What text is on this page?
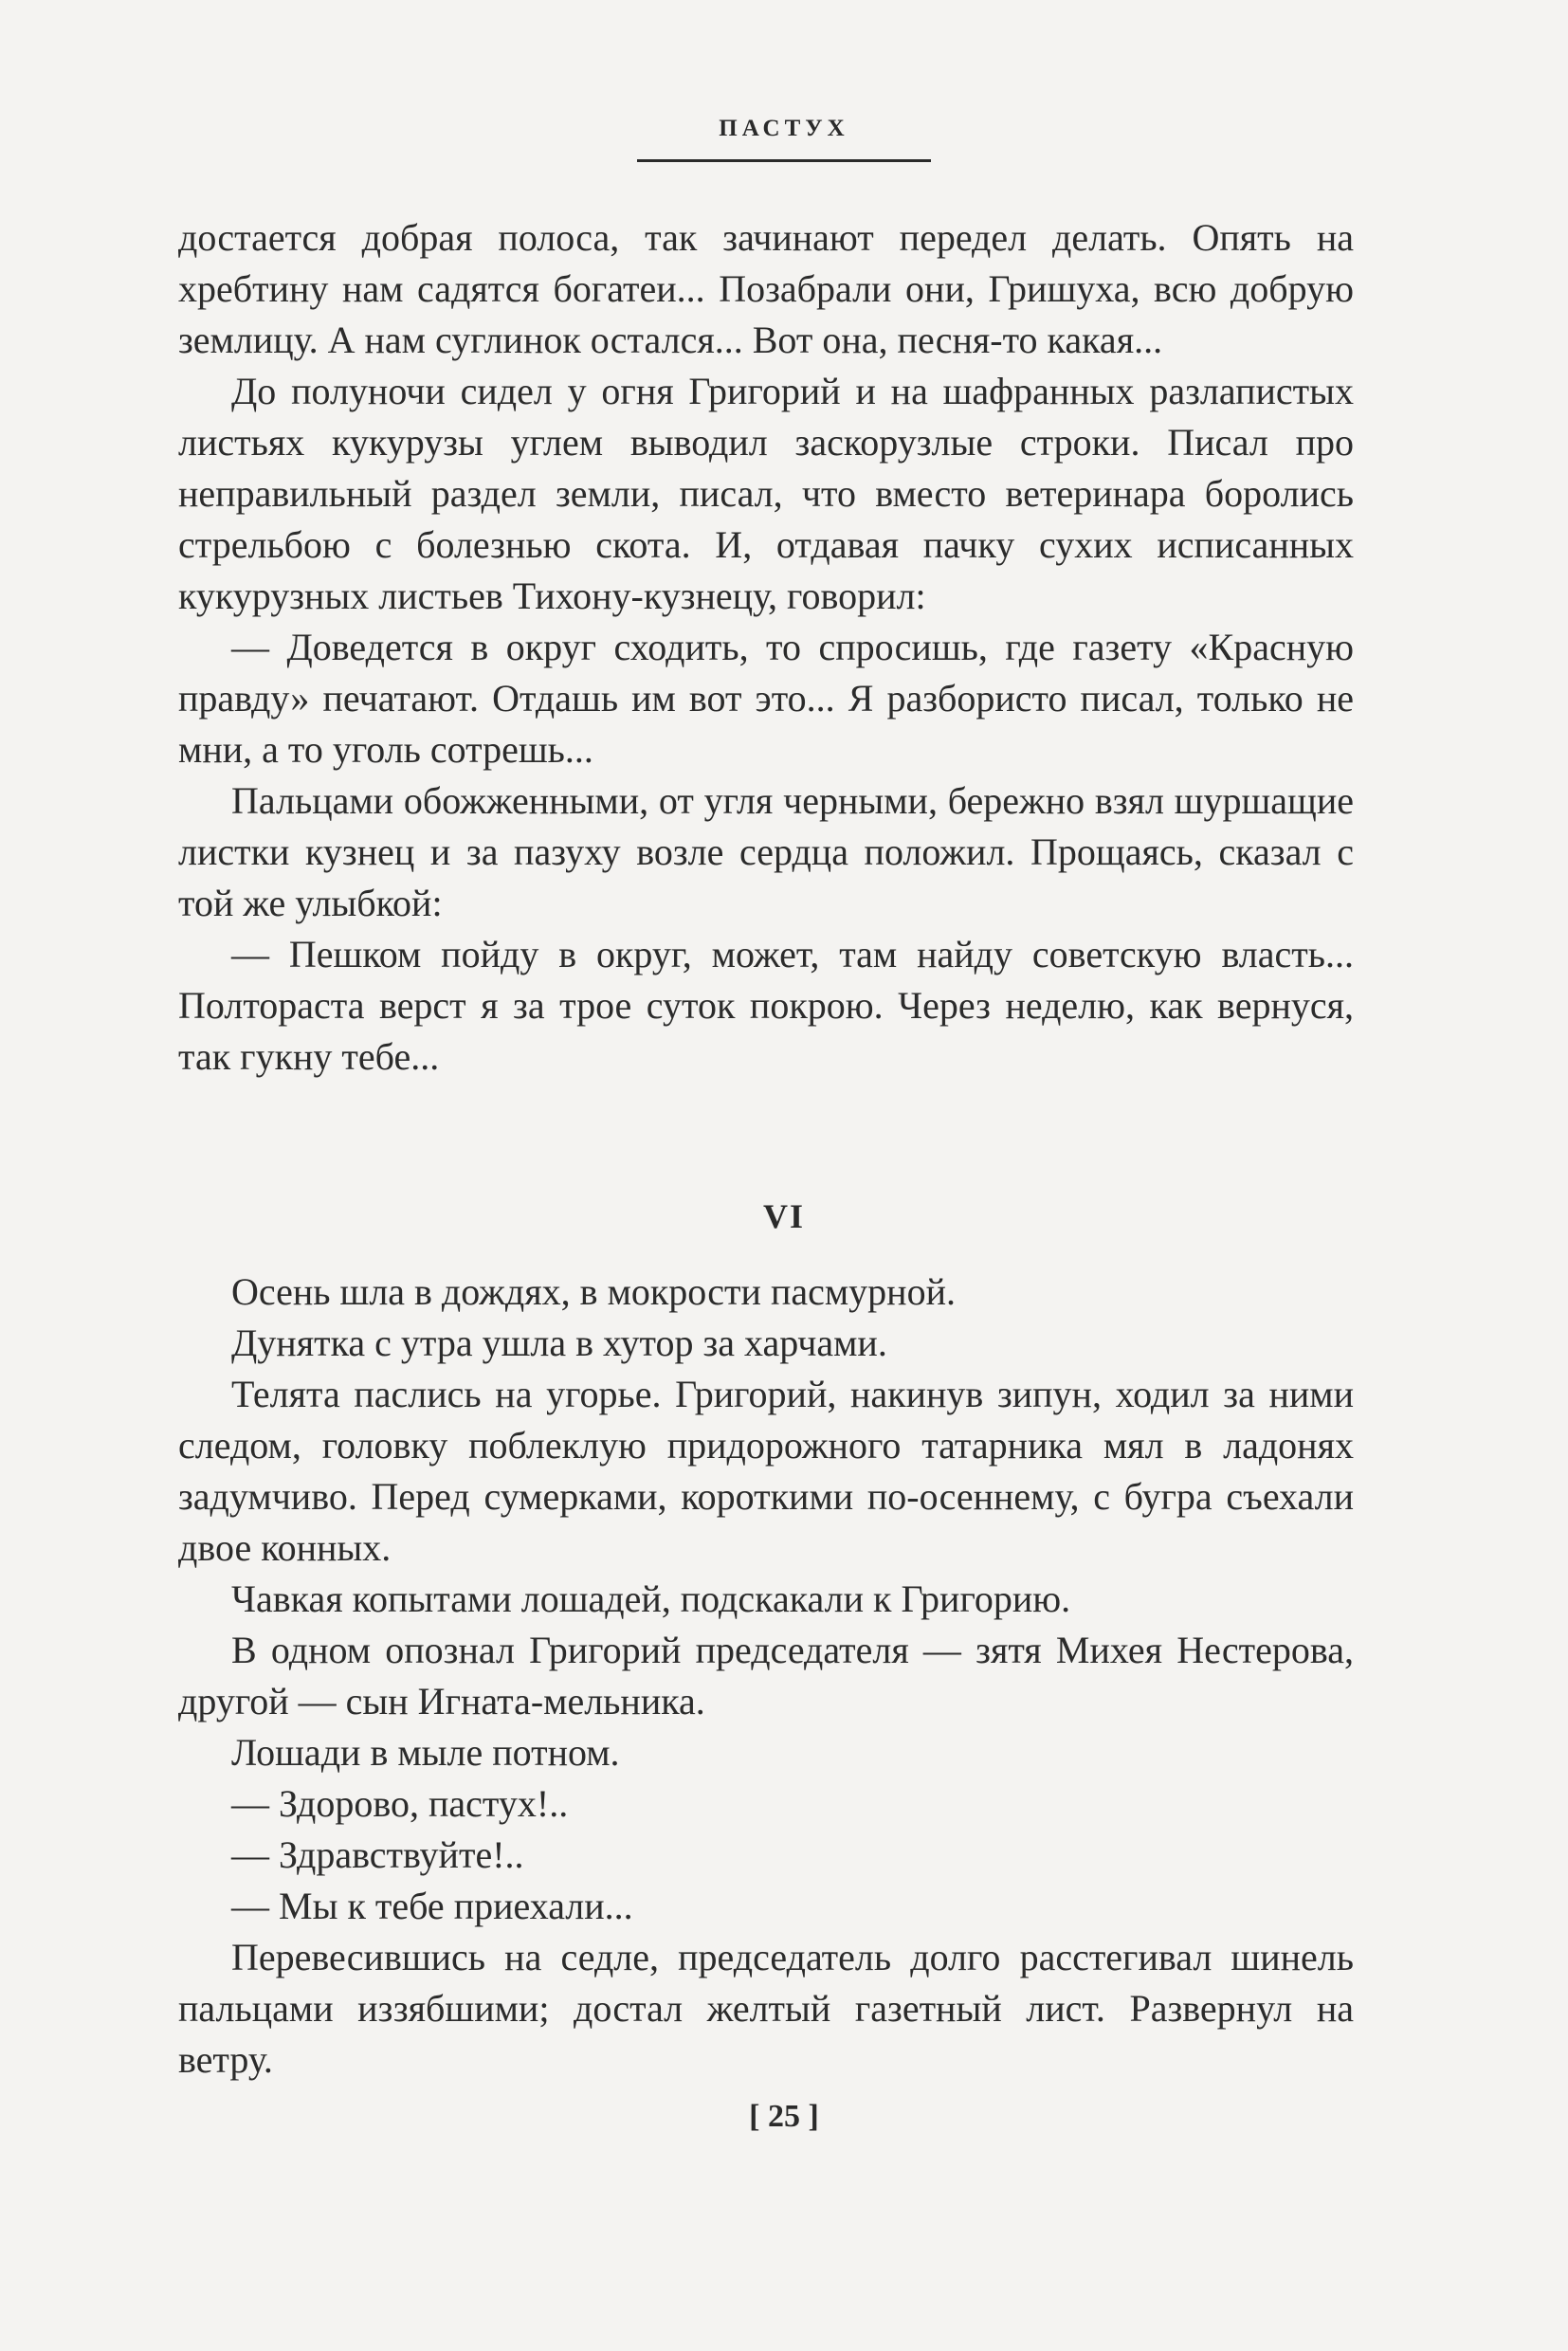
ПАСТУХ

достается добрая полоса, так зачинают передел делать. Опять на хребтину нам садятся богатеи... Позабрали они, Гришуха, всю добрую землицу. А нам суглинок остался... Вот она, песня-то какая...

До полуночи сидел у огня Григорий и на шафранных разлапистых листьях кукурузы углем выводил заскорузлые строки. Писал про неправильный раздел земли, писал, что вместо ветеринара боролись стрельбою с болезнью скота. И, отдавая пачку сухих исписанных кукурузных листьев Тихону-кузнецу, говорил:

— Доведется в округ сходить, то спросишь, где газету «Красную правду» печатают. Отдашь им вот это... Я разбористо писал, только не мни, а то уголь сотрешь...

Пальцами обожженными, от угля черными, бережно взял шуршащие листки кузнец и за пазуху возле сердца положил. Прощаясь, сказал с той же улыбкой:

— Пешком пойду в округ, может, там найду советскую власть... Полтораста верст я за трое суток покрою. Через неделю, как вернуся, так гукну тебе...

VI

Осень шла в дождях, в мокрости пасмурной.

Дунятка с утра ушла в хутор за харчами.

Телята паслись на угорье. Григорий, накинув зипун, ходил за ними следом, головку поблеклую придорожного татарника мял в ладонях задумчиво. Перед сумерками, короткими по-осеннему, с бугра съехали двое конных.

Чавкая копытами лошадей, подскакали к Григорию.

В одном опознал Григорий председателя — зятя Михея Нестерова, другой — сын Игната-мельника.

Лошади в мыле потном.

— Здорово, пастух!..

— Здравствуйте!..

— Мы к тебе приехали...

Перевесившись на седле, председатель долго расстегивал шинель пальцами иззябшими; достал желтый газетный лист. Развернул на ветру.

[ 25 ]
